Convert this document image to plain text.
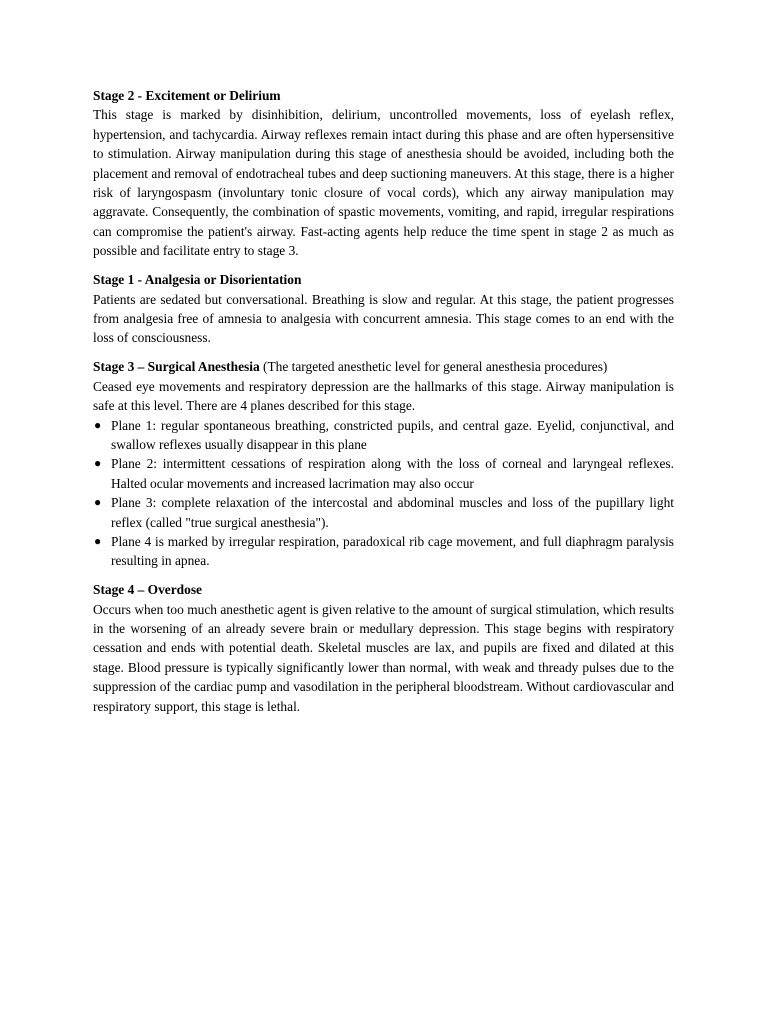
Stage 2 - Excitement or Delirium

This stage is marked by disinhibition, delirium, uncontrolled movements, loss of eyelash reflex, hypertension, and tachycardia. Airway reflexes remain intact during this phase and are often hypersensitive to stimulation. Airway manipulation during this stage of anesthesia should be avoided, including both the placement and removal of endotracheal tubes and deep suctioning maneuvers. At this stage, there is a higher risk of laryngospasm (involuntary tonic closure of vocal cords), which any airway manipulation may aggravate. Consequently, the combination of spastic movements, vomiting, and rapid, irregular respirations can compromise the patient's airway. Fast-acting agents help reduce the time spent in stage 2 as much as possible and facilitate entry to stage 3.

Stage 1 - Analgesia or Disorientation

Patients are sedated but conversational. Breathing is slow and regular. At this stage, the patient progresses from analgesia free of amnesia to analgesia with concurrent amnesia. This stage comes to an end with the loss of consciousness.

Stage 3 – Surgical Anesthesia (The targeted anesthetic level for general anesthesia procedures)

Ceased eye movements and respiratory depression are the hallmarks of this stage. Airway manipulation is safe at this level. There are 4 planes described for this stage.

● Plane 1: regular spontaneous breathing, constricted pupils, and central gaze. Eyelid, conjunctival, and swallow reflexes usually disappear in this plane
● Plane 2: intermittent cessations of respiration along with the loss of corneal and laryngeal reflexes. Halted ocular movements and increased lacrimation may also occur
● Plane 3: complete relaxation of the intercostal and abdominal muscles and loss of the pupillary light reflex (called "true surgical anesthesia").
● Plane 4 is marked by irregular respiration, paradoxical rib cage movement, and full diaphragm paralysis resulting in apnea.
Stage 4 – Overdose

Occurs when too much anesthetic agent is given relative to the amount of surgical stimulation, which results in the worsening of an already severe brain or medullary depression. This stage begins with respiratory cessation and ends with potential death. Skeletal muscles are lax, and pupils are fixed and dilated at this stage. Blood pressure is typically significantly lower than normal, with weak and thready pulses due to the suppression of the cardiac pump and vasodilation in the peripheral bloodstream. Without cardiovascular and respiratory support, this stage is lethal.
